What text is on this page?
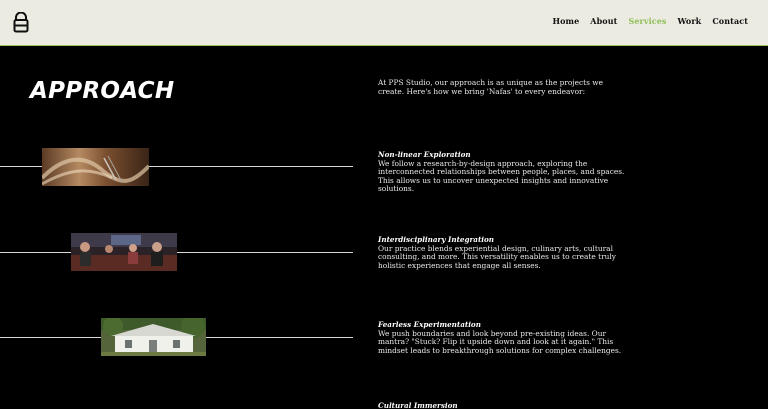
Home About Services Work Contact
APPROACH	At PPS Studio, our approach is as unique as the projects we create. Here's how we bring 'Nafas' to every endeavor:

Non-linear Exploration
We follow a research-by-design approach, exploring the interconnected relationships between people, places, and spaces. This allows us to uncover unexpected insights and innovative solutions.
Interdisciplinary Integration
Our practice blends experiential design, culinary arts, cultural consulting, and more. This versatility enables us to create truly holistic experiences that engage all senses.
Fearless Experimentation
We push boundaries and look beyond pre-existing ideas. Our mantra? "Stuck? Flip it upside down and look at it again." This mindset leads to breakthrough solutions for complex challenges.
Cultural Immersion
